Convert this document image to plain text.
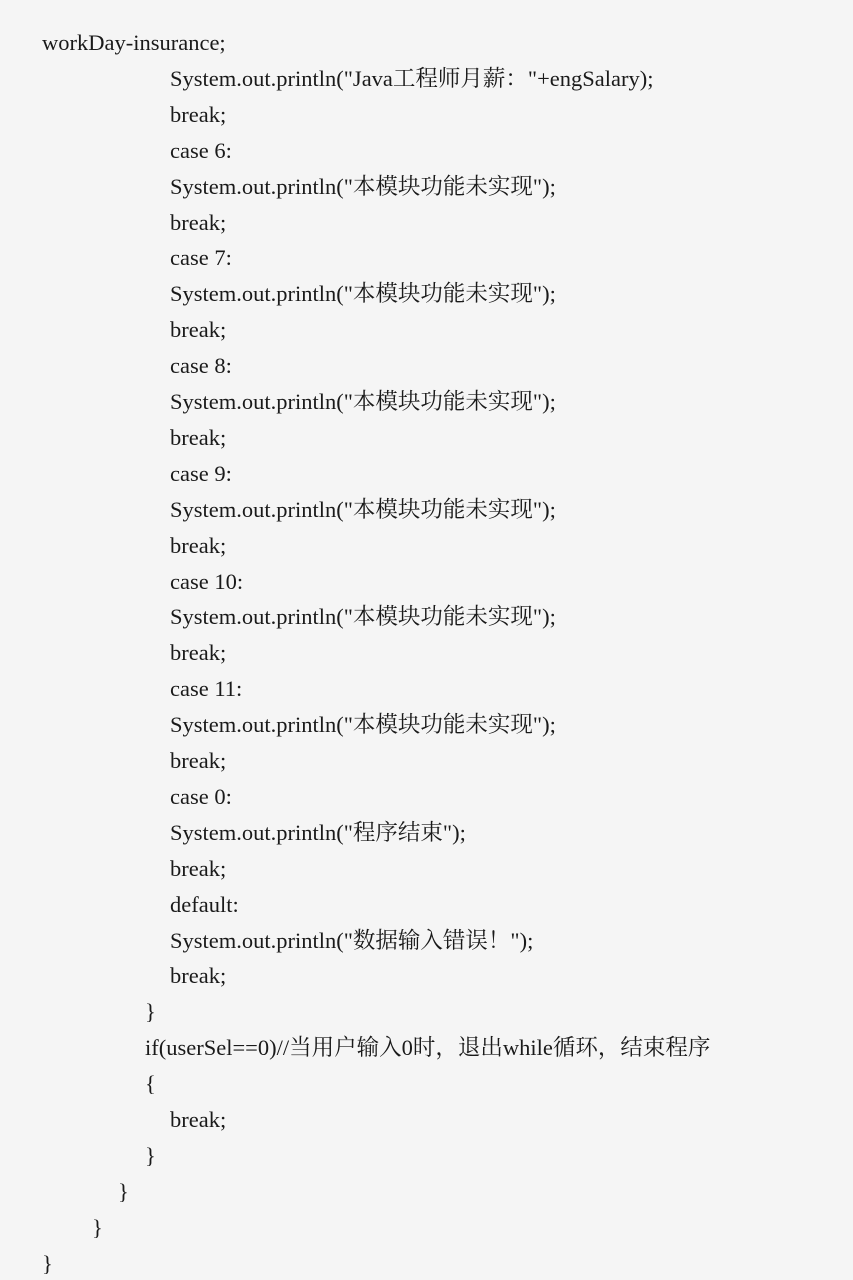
workDay-insurance;
System.out.println("Java工程师月薪："+engSalary);
break;
case 6:
System.out.println("本模块功能未实现");
break;
case 7:
System.out.println("本模块功能未实现");
break;
case 8:
System.out.println("本模块功能未实现");
break;
case 9:
System.out.println("本模块功能未实现");
break;
case 10:
System.out.println("本模块功能未实现");
break;
case 11:
System.out.println("本模块功能未实现");
break;
case 0:
System.out.println("程序结束");
break;
default:
System.out.println("数据输入错误！");
break;
}
if(userSel==0)//当用户输入0时，退出while循环，结束程序
{
break;
}
}
}
}
